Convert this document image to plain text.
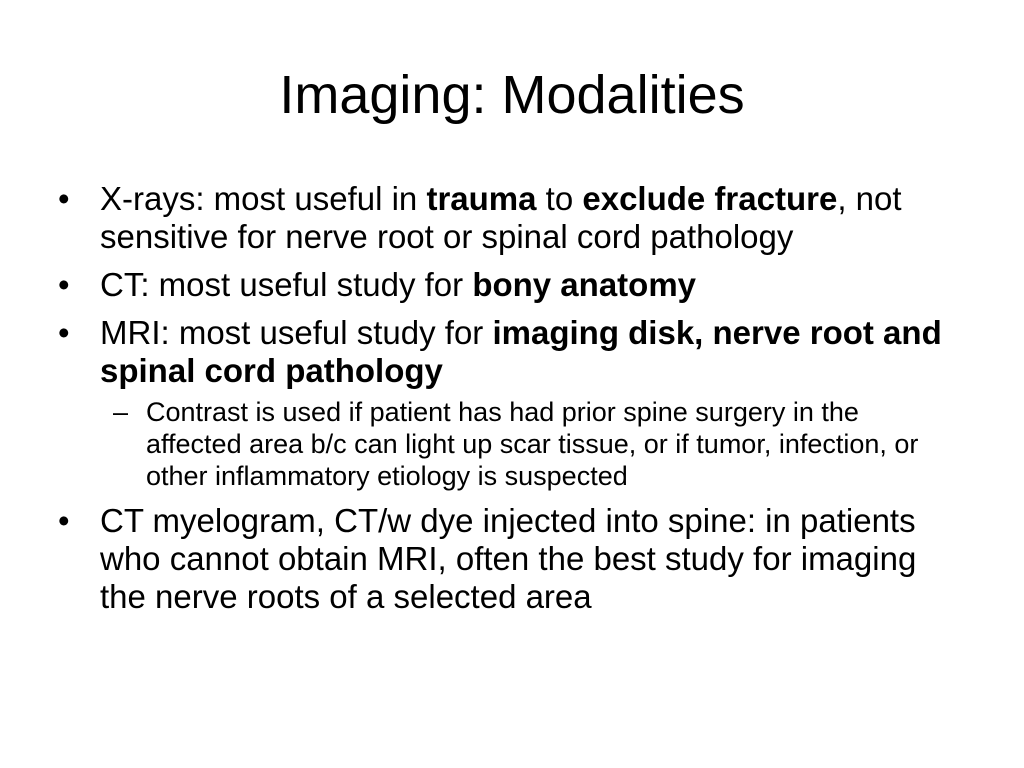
Imaging: Modalities
• X-rays: most useful in trauma to exclude fracture, not sensitive for nerve root or spinal cord pathology
• CT: most useful study for bony anatomy
• MRI: most useful study for imaging disk, nerve root and spinal cord pathology
– Contrast is used if patient has had prior spine surgery in the affected area b/c can light up scar tissue, or if tumor, infection, or other inflammatory etiology is suspected
• CT myelogram, CT/w dye injected into spine: in patients who cannot obtain MRI, often the best study for imaging the nerve roots of a selected area
